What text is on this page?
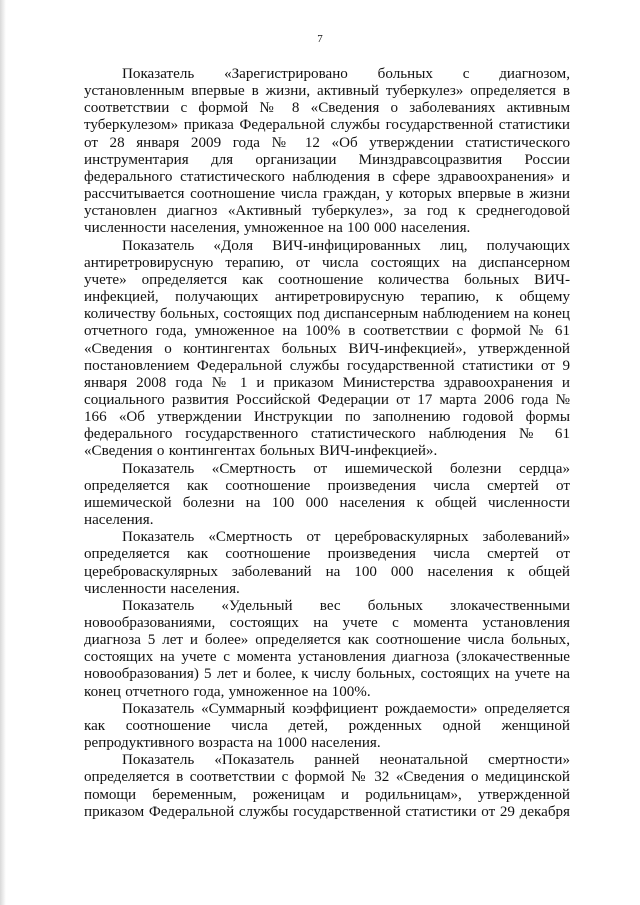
7

Показатель «Зарегистрировано больных с диагнозом, установленным впервые в жизни, активный туберкулез» определяется в соответствии с формой № 8 «Сведения о заболеваниях активным туберкулезом» приказа Федеральной службы государственной статистики от 28 января 2009 года № 12 «Об утверждении статистического инструментария для организации Минздравсоцразвития России федерального статистического наблюдения в сфере здравоохранения» и рассчитывается соотношение числа граждан, у которых впервые в жизни установлен диагноз «Активный туберкулез», за год к среднегодовой численности населения, умноженное на 100 000 населения.

Показатель «Доля ВИЧ-инфицированных лиц, получающих антиретровирусную терапию, от числа состоящих на диспансерном учете» определяется как соотношение количества больных ВИЧ-инфекцией, получающих антиретровирусную терапию, к общему количеству больных, состоящих под диспансерным наблюдением на конец отчетного года, умноженное на 100% в соответствии с формой № 61 «Сведения о контингентах больных ВИЧ-инфекцией», утвержденной постановлением Федеральной службы государственной статистики от 9 января 2008 года № 1 и приказом Министерства здравоохранения и социального развития Российской Федерации от 17 марта 2006 года № 166 «Об утверждении Инструкции по заполнению годовой формы федерального государственного статистического наблюдения № 61 «Сведения о контингентах больных ВИЧ-инфекцией».

Показатель «Смертность от ишемической болезни сердца» определяется как соотношение произведения числа смертей от ишемической болезни на 100 000 населения к общей численности населения.

Показатель «Смертность от цереброваскулярных заболеваний» определяется как соотношение произведения числа смертей от цереброваскулярных заболеваний на 100 000 населения к общей численности населения.

Показатель «Удельный вес больных злокачественными новообразованиями, состоящих на учете с момента установления диагноза 5 лет и более» определяется как соотношение числа больных, состоящих на учете с момента установления диагноза (злокачественные новообразования) 5 лет и более, к числу больных, состоящих на учете на конец отчетного года, умноженное на 100%.

Показатель «Суммарный коэффициент рождаемости» определяется как соотношение числа детей, рожденных одной женщиной репродуктивного возраста на 1000 населения.

Показатель «Показатель ранней неонатальной смертности» определяется в соответствии с формой № 32 «Сведения о медицинской помощи беременным, роженицам и родильницам», утвержденной приказом Федеральной службы государственной статистики от 29 декабря
